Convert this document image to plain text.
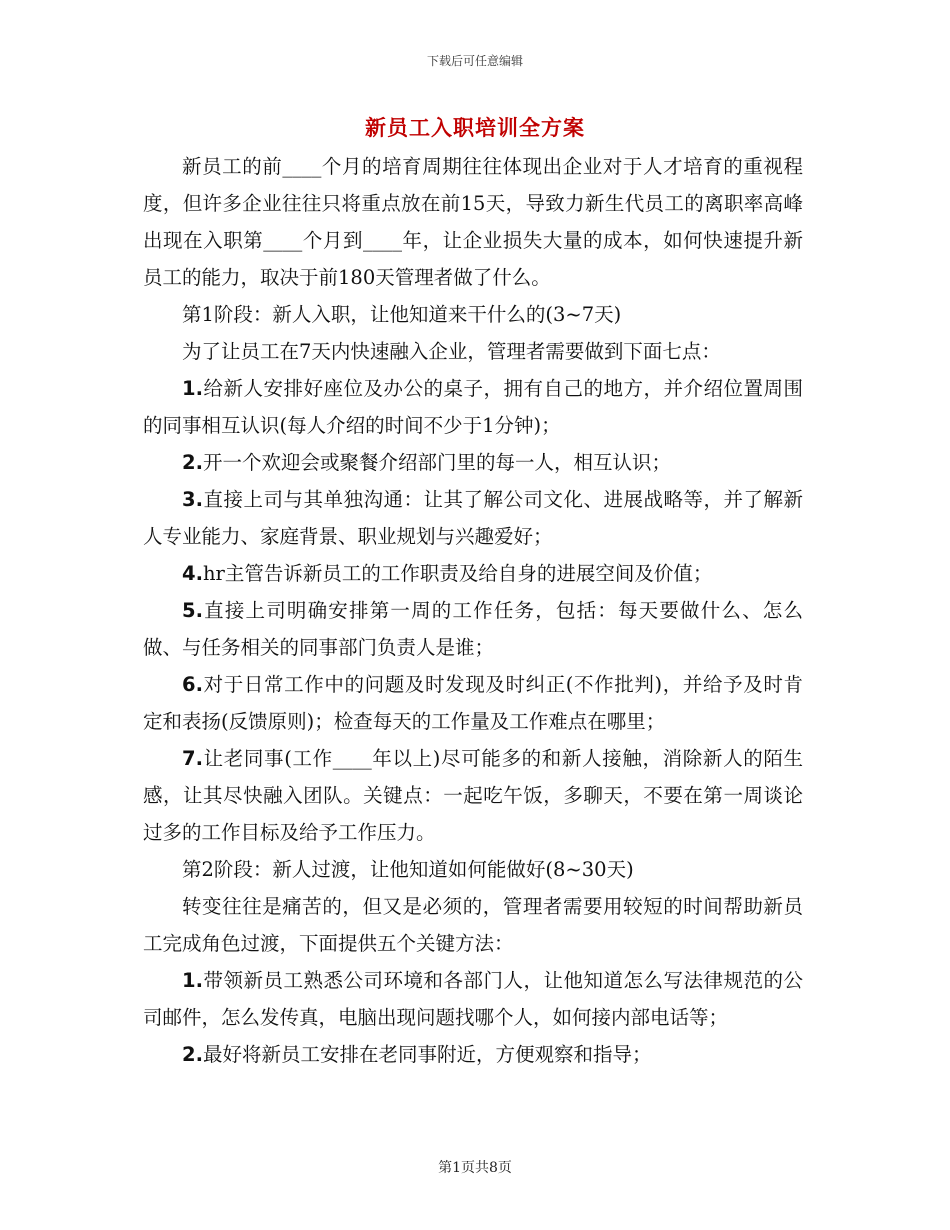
下载后可任意编辑
新员工入职培训全方案

新员工的前____个月的培育周期往往体现出企业对于人才培育的重视程度，但许多企业往往只将重点放在前15天，导致力新生代员工的离职率高峰出现在入职第____个月到____年，让企业损失大量的成本，如何快速提升新员工的能力，取决于前180天管理者做了什么。

第1阶段：新人入职，让他知道来干什么的(3~7天)

为了让员工在7天内快速融入企业，管理者需要做到下面七点：

1.给新人安排好座位及办公的桌子，拥有自己的地方，并介绍位置周围的同事相互认识(每人介绍的时间不少于1分钟)；

2.开一个欢迎会或聚餐介绍部门里的每一人，相互认识；

3.直接上司与其单独沟通：让其了解公司文化、进展战略等，并了解新人专业能力、家庭背景、职业规划与兴趣爱好；

4.hr主管告诉新员工的工作职责及给自身的进展空间及价值；

5.直接上司明确安排第一周的工作任务，包括：每天要做什么、怎么做、与任务相关的同事部门负责人是谁；

6.对于日常工作中的问题及时发现及时纠正(不作批判)，并给予及时肯定和表扬(反馈原则)；检查每天的工作量及工作难点在哪里；

7.让老同事(工作____年以上)尽可能多的和新人接触，消除新人的陌生感，让其尽快融入团队。关键点：一起吃午饭，多聊天，不要在第一周谈论过多的工作目标及给予工作压力。

第2阶段：新人过渡，让他知道如何能做好(8~30天)

转变往往是痛苦的，但又是必须的，管理者需要用较短的时间帮助新员工完成角色过渡，下面提供五个关键方法：

1.带领新员工熟悉公司环境和各部门人，让他知道怎么写法律规范的公司邮件，怎么发传真，电脑出现问题找哪个人，如何接内部电话等；

2.最好将新员工安排在老同事附近，方便观察和指导；

第1页共8页
